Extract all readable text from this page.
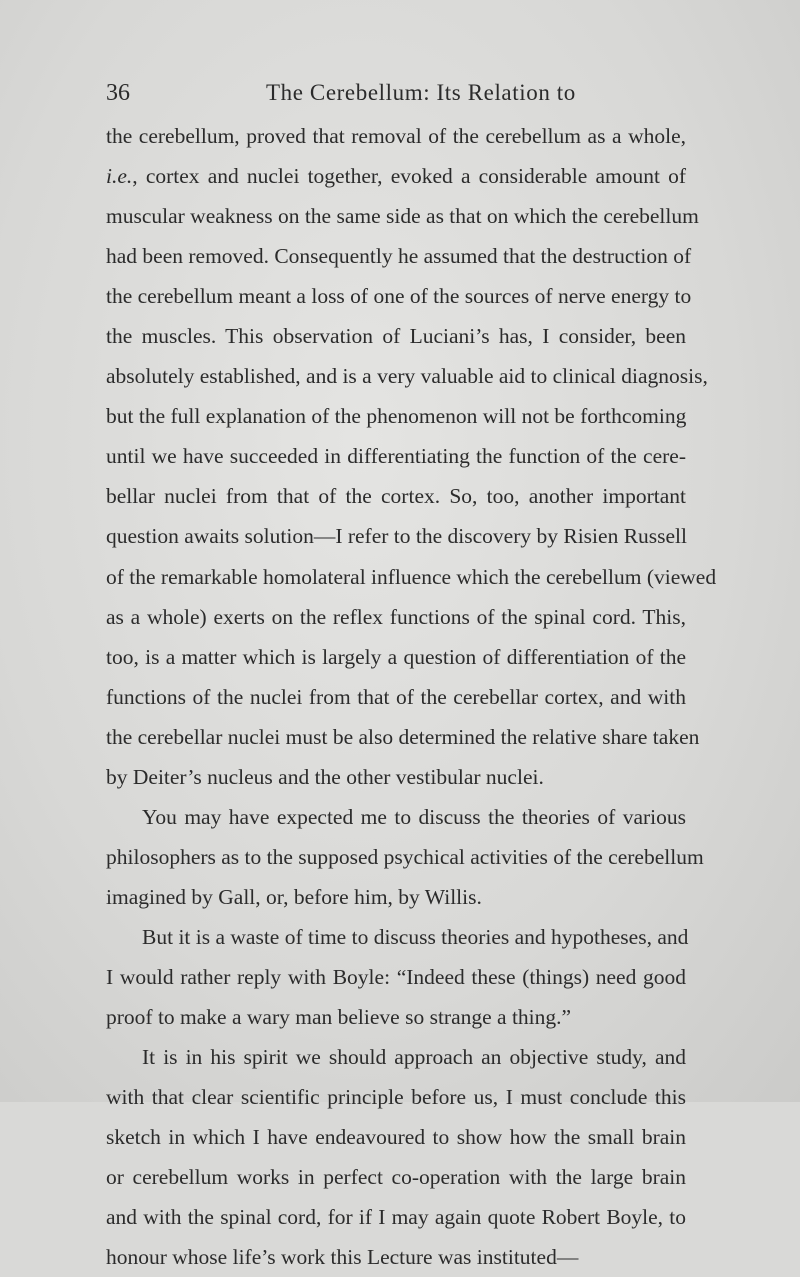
36	The Cerebellum: Its Relation to
the cerebellum, proved that removal of the cerebellum as a whole,
i.e., cortex and nuclei together, evoked a considerable amount of
muscular weakness on the same side as that on which the cerebellum
had been removed. Consequently he assumed that the destruction of
the cerebellum meant a loss of one of the sources of nerve energy to
the muscles. This observation of Luciani’s has, I consider, been
absolutely established, and is a very valuable aid to clinical diagnosis,
but the full explanation of the phenomenon will not be forthcoming
until we have succeeded in differentiating the function of the cere-
bellar nuclei from that of the cortex. So, too, another important
question awaits solution—I refer to the discovery by Risien Russell
of the remarkable homolateral influence which the cerebellum (viewed
as a whole) exerts on the reflex functions of the spinal cord. This,
too, is a matter which is largely a question of differentiation of the
functions of the nuclei from that of the cerebellar cortex, and with
the cerebellar nuclei must be also determined the relative share taken
by Deiter’s nucleus and the other vestibular nuclei.
You may have expected me to discuss the theories of various
philosophers as to the supposed psychical activities of the cerebellum
imagined by Gall, or, before him, by Willis.
But it is a waste of time to discuss theories and hypotheses, and
I would rather reply with Boyle: “Indeed these (things) need good
proof to make a wary man believe so strange a thing.”
It is in his spirit we should approach an objective study, and
with that clear scientific principle before us, I must conclude this
sketch in which I have endeavoured to show how the small brain
or cerebellum works in perfect co-operation with the large brain
and with the spinal cord, for if I may again quote Robert Boyle, to
honour whose life’s work this Lecture was instituted—
